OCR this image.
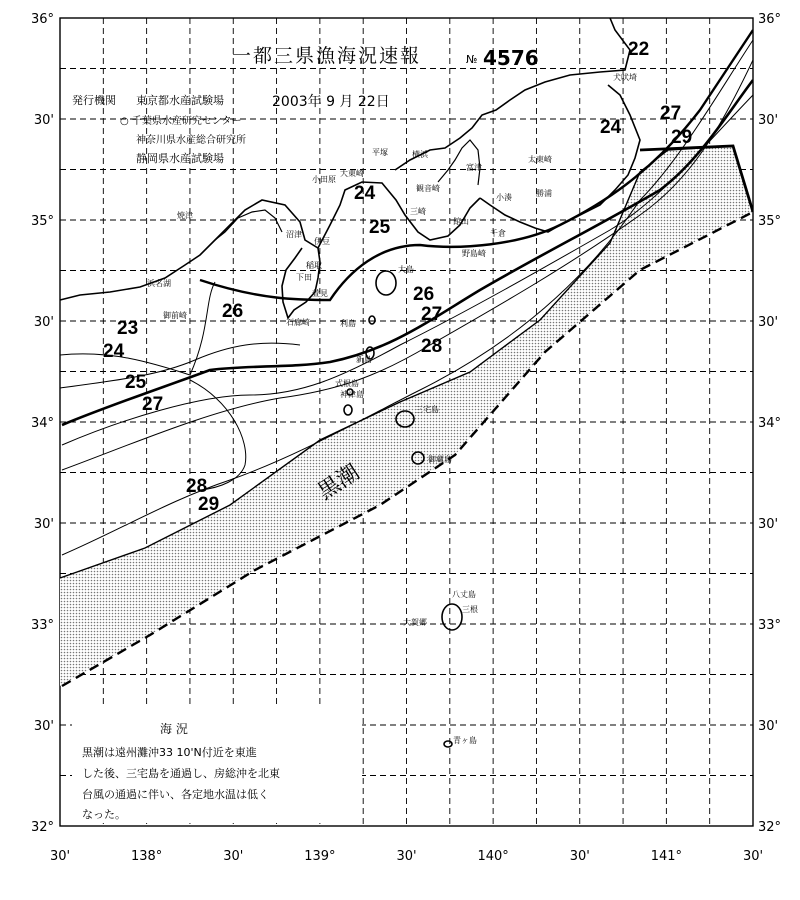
36°
30'
35°
30'
34°
30'
33°
30'
32°
36°
30'
35°
30'
34°
30'
33°
30'
32°
30'	138°	30'	139°	30'	140°	30'	141°	30'
一都三県漁海況速報	№ 4576
発行機関 東京都水産試験場	2003年 9 月 22日
○ 千葉県水産研究センター
神奈川県水産総合研究所
静岡県水産試験場
黒潮
22
23
24
24
24
25
25
26
26
27
27
27
28
28
29
29
犬吠埼
太東崎
勝浦
千倉
館山
野島崎
富津
横浜
平塚
観音崎
三崎
小田原
沼津
伊豆
稲取
下田
石廊崎
大島
利島
新島
式根島
神津島
三宅島
御蔵島
八丈島
青ヶ島
三根
大賀郷
焼津
御前崎
浜名湖
小湊
萱見
大東崎
海 況
黒潮は遠州灘沖33 10'N付近を東進
した後、三宅島を通過し、房総沖を北東
台風の通過に伴い、各定地水温は低く
なった。
